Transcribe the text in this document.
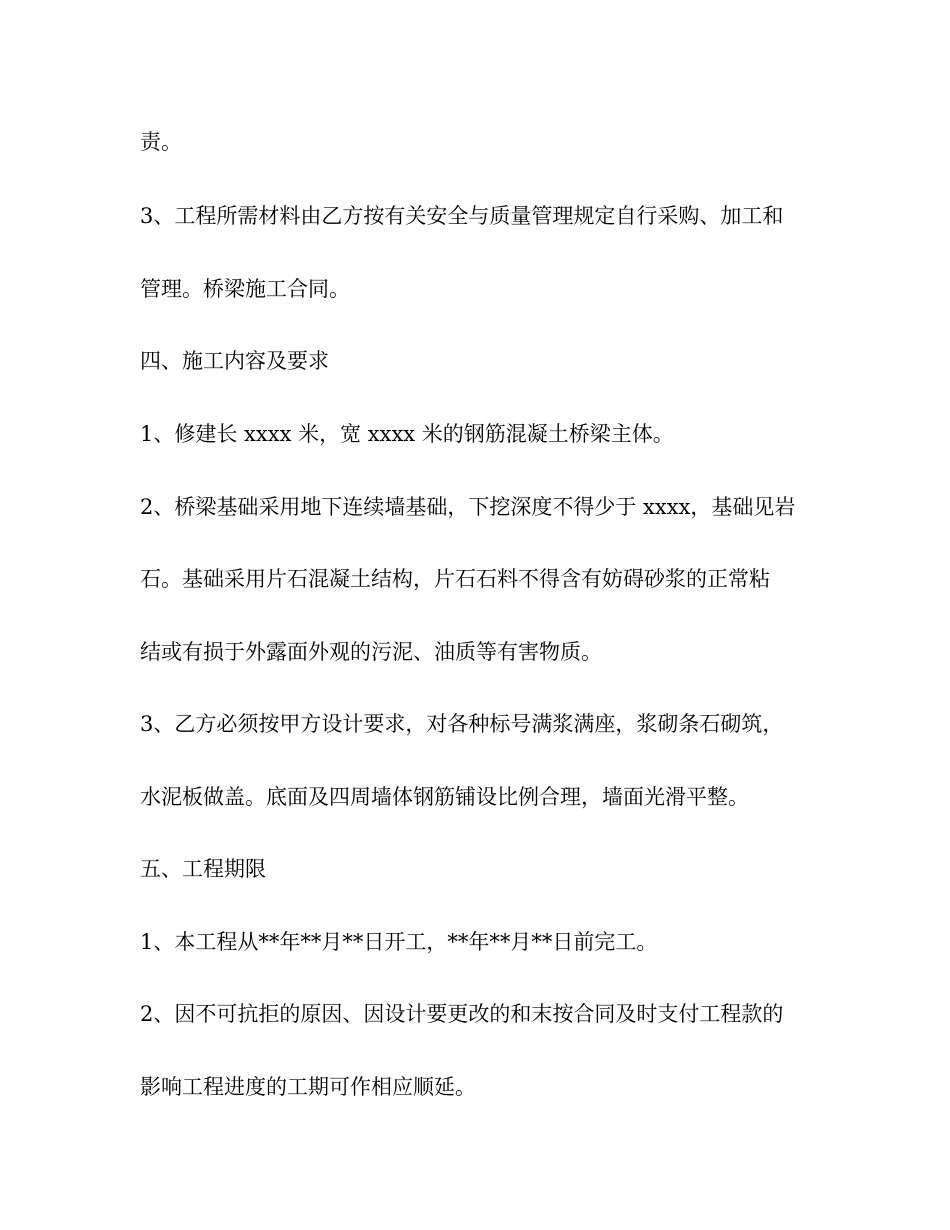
责。
3、工程所需材料由乙方按有关安全与质量管理规定自行采购、加工和
管理。桥梁施工合同。
四、施工内容及要求
1、修建长 xxxx 米，宽 xxxx 米的钢筋混凝土桥梁主体。
2、桥梁基础采用地下连续墙基础，下挖深度不得少于 xxxx，基础见岩
石。基础采用片石混凝土结构，片石石料不得含有妨碍砂浆的正常粘
结或有损于外露面外观的污泥、油质等有害物质。
3、乙方必须按甲方设计要求，对各种标号满浆满座，浆砌条石砌筑，
水泥板做盖。底面及四周墙体钢筋铺设比例合理，墙面光滑平整。
五、工程期限
1、本工程从**年**月**日开工，**年**月**日前完工。
2、因不可抗拒的原因、因设计要更改的和末按合同及时支付工程款的
影响工程进度的工期可作相应顺延。
